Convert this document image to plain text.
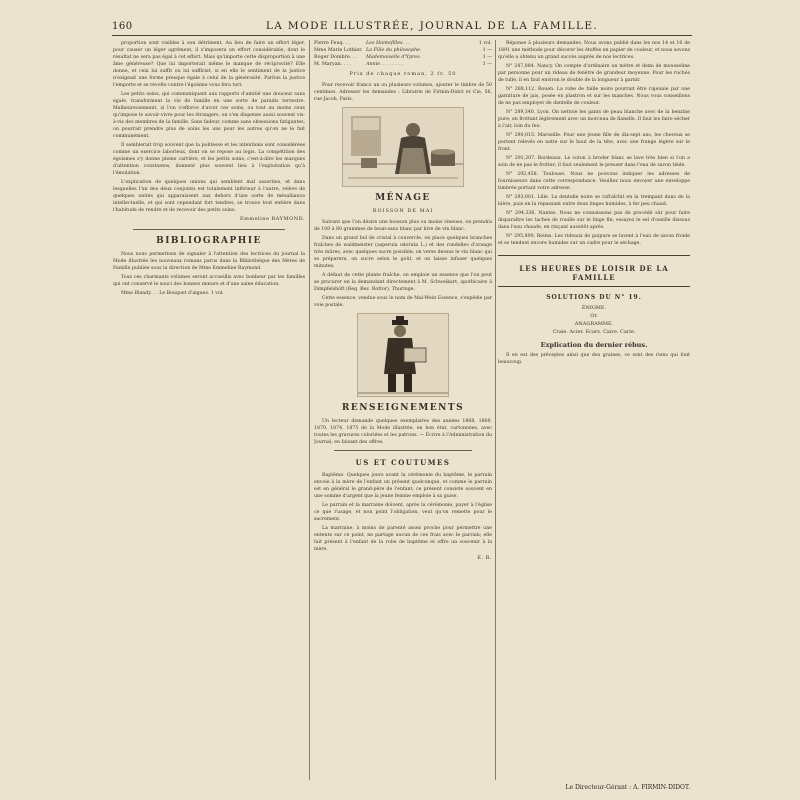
160	LA MODE ILLUSTRÉE, JOURNAL DE LA FAMILLE.

proportion sont visibles à son détriment. Au lieu de faire un effort léger, pour causer un léger agrément, il s'imposera un effort considérable, dont le résultat ne sera pas égal à cet effort. Mais qu'importe cette disproportion à une âme généreuse? Que lui importerait même le manque de réciprocité? Elle donne, et cela lui suffit ou lui suffirait, si en elle le sentiment de la justice n'exigeait une forme presque égale à celui de la générosité. Parfois la justice l'emporte et se révolte contre l'égoïsme vous fera tort.

Les petits soins, qui communiquent aux rapports d'amitié une douceur sans égale, transforment la vie de famille en une sorte de paradis terrestre. Malheureusement, si l'on s'efforce d'avoir ces soins, ou tout au moins ceux qu'impose le savoir-vivre pour les étrangers, on s'en dispense aussi souvent vis-à-vis des membres de la famille. Sans fadeur, comme sans obsessions fatigantes, on pourrait prendre plus de soins les uns pour les autres qu'on ne le fait communément.

Il semblerait trop souvent que la politesse et les intentions sont considérées comme un exercice laborieux, dont on se repose au logis. La compétition des égoïsmes s'y donne pleine carrière, et les petits soins, c'est-à-dire les marques d'attention constantes, donnent plus souvent lieu à l'exploitation qu'à l'émulation.

L'explication de quelques unions qui semblent mal assorties, et dans lesquelles l'un des deux conjoints est totalement inférieur à l'autre, relève de quelques unités qui apparaissent aux dehors d'une sorte de mésalliance intellectuelle, et qui sont cependant fort tendres, se trouve tout entière dans l'habitude de rendre et de recevoir des petits soins.

Emmeline RAYMOND.
BIBLIOGRAPHIE

Nous nous permettons de signaler à l'attention des lectrices du journal la Mode illustrée les nouveaux romans parus dans la Bibliothèque des Mères de Famille publiée sous la direction de Mme Emmeline Raymond.

Tous ces charmants volumes seront accueillis avec bonheur par les familles qui ont conservé le souci des bonnes mœurs et d'une saine éducation.

Mme Blandy. . . Le Bouquet d'aigues. 1 vol.

Pierre Feuq. . .	Les Hontefilles. . .	1 vol.
Mme Marie Lothier. La Fille du philosophe.	1 —
Roger Dombre. . .	Mademoiselle d'Ypres.	1 —
M. Maryan. . . .	Annie. . . . . . . .	1 —
Prix de chaque roman, 2 fr. 50

Pour recevoir franco un ou plusieurs volumes, ajouter le timbre de 50 centimes. Adresser les demandes : Librairie de Firmin-Didot et Cie, 56, rue Jacob, Paris.

MÉNAGE
BOISSON DE MAI

Suivant que l'on désire une boisson plus ou moins vineuse, on prendra de 100 à 80 grammes de bean-sans blanc par litre de vin blanc.

Dans un grand bol de cristal à couvercle, on place quelques branches fraîches de waldmeister (asperula odorata L.) et des rondelles d'orange très mûres, avec quelques sucre possible; on verse dessus le vin blanc qui se préparera, on sucre selon le goût, et on laisse infuser quelques minutes.

A défaut de cette plante fraîche, on emploie un essence que l'on peut se procurer en la demandant directement à M. Schweikart, apothicaire à Dimpfelshöft (Reg. Bez. Rottor), Thuringe.

Cette essence, vendue sous le nom de Mai-Wein Essence, s'expédie par voie postale.

RENSEIGNEMENTS

Un lecteur demande quelques exemplaires des années 1868, 1869, 1870, 1874, 1875 de la Mode illustrée, en bon état, cartonnées, avec toutes les gravures coloriées et les patrons. — Écrire à l'Administration du Journal, en faisant des offres.

US ET COUTUMES

Baptême. Quelques jours avant la cérémonie du baptême, le parrain envoie à la mère de l'enfant un présent quelconque, et comme le parrain est en général le grand-père de l'enfant, ce présent consiste souvent en une somme d'argent que la jeune femme emploie à sa guise.

Le parrain et la marraine doivent, après la cérémonie, payer à l'église ce que l'usage, et non point l'obligation, veut qu'on remette pour le sacrement.

La marraine, à moins de parenté assez proche pour permettre une entente sur ce point, ne partage aucun de ces frais avec le parrain; elle fait présent à l'enfant de la robe de baptême et offre un souvenir à la mère.

E. R.

Réponse à plusieurs demandes. Nous avons publié dans les nos 14 et 16 de 1891 une méthode pour décorer les étoffes en papier de couleur, et nous savons qu'elle a obtenu un grand succès auprès de nos lectrices.

N° 287,884. Nancy. On compte d'ordinaire un mètre et demi de mousseline par personne pour un rideau de fenêtre de grandeur moyenne. Pour les ruchés de tulle, il en faut environ le double de la longueur à garnir.

N° 288,112. Rouen. La robe de faille noire pourrait être rajeunie par une garniture de jais, posée en plastron et sur les manches. Nous vous conseillons de ne pas employer de dentelle de couleur.

N° 289,340. Lyon. On nettoie les gants de peau blanche avec de la benzine pure, en frottant légèrement avec un morceau de flanelle. Il faut les faire sécher à l'air, loin du feu.

N° 290,015. Marseille. Pour une jeune fille de dix-sept ans, les cheveux se portent relevés en natte sur le haut de la tête, avec une frange légère sur le front.

N° 291,207. Bordeaux. Le coton à broder blanc se lave très bien si l'on a soin de ne pas le frotter; il faut seulement le presser dans l'eau de savon tiède.

N° 292,458. Toulouse. Nous ne pouvons indiquer les adresses de fournisseurs dans cette correspondance. Veuillez nous envoyer une enveloppe timbrée portant votre adresse.

N° 293,001. Lille. La dentelle noire se rafraîchit en la trempant dans de la bière, puis en la repassant entre deux linges humides, à fer peu chaud.

N° 294,336. Nantes. Nous ne connaissons pas de procédé sûr pour faire disparaître les taches de rouille sur le linge fin; essayez le sel d'oseille dissous dans l'eau chaude, en rinçant aussitôt après.

N° 295,890. Reims. Les rideaux de guipure se lavent à l'eau de savon froide et se tendent encore humides sur un cadre pour le séchage.

LES HEURES DE LOISIR DE LA FAMILLE
SOLUTIONS DU N° 19.
ÉNIGME.
Or.
ANAGRAMME.
Craie. Acier. Ecars. Caire. Carie.
Explication du dernier rébus.

Il en est des préceptes ainsi que des graines, ce sont des riens qui font beaucoup.

Le Directeur-Gérant : A. FIRMIN-DIDOT.
